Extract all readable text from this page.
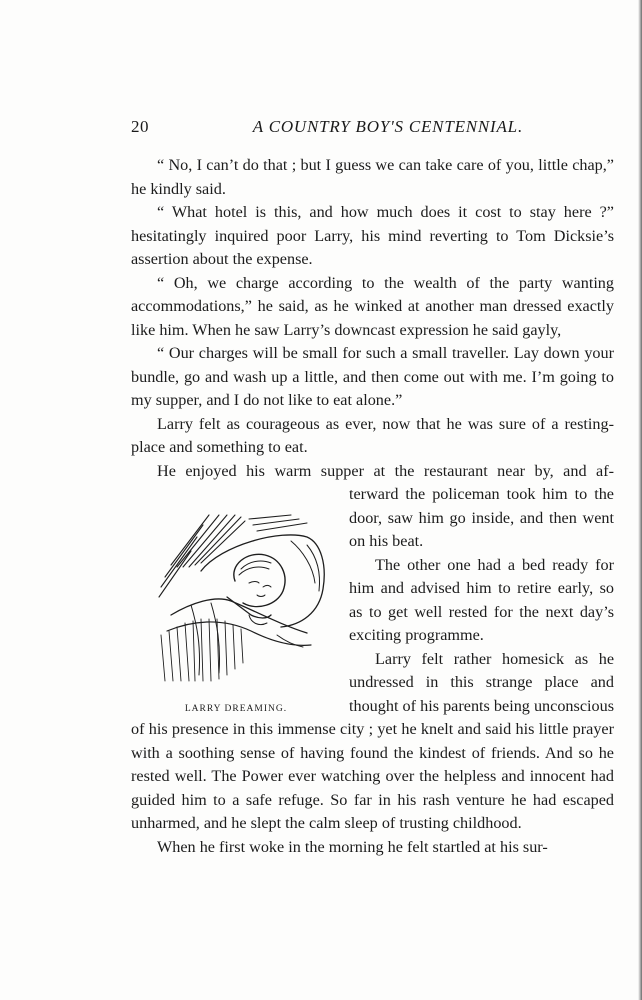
20	A COUNTRY BOY'S CENTENNIAL.

“ No, I can’t do that ; but I guess we can take care of you, little chap,” he kindly said.

“ What hotel is this, and how much does it cost to stay here ?” hesitatingly inquired poor Larry, his mind reverting to Tom Dicksie’s assertion about the expense.

“ Oh, we charge according to the wealth of the party wanting accommodations,” he said, as he winked at another man dressed exactly like him. When he saw Larry’s downcast expression he said gayly,

“ Our charges will be small for such a small traveller. Lay down your bundle, go and wash up a little, and then come out with me. I’m going to my supper, and I do not like to eat alone.”

Larry felt as courageous as ever, now that he was sure of a resting-place and something to eat.

He enjoyed his warm supper at the restaurant near by, and af-

LARRY DREAMING.

terward the policeman took him to the door, saw him go inside, and then went on his beat.

The other one had a bed ready for him and advised him to retire early, so as to get well rested for the next day’s exciting programme.

Larry felt rather homesick as he undressed in this strange place and thought of his parents being unconscious of his presence in this immense city ; yet he knelt and said his little prayer with a soothing sense of having found the kindest of friends. And so he rested well. The Power ever watching over the helpless and innocent had guided him to a safe refuge. So far in his rash venture he had escaped unharmed, and he slept the calm sleep of trusting childhood.

When he first woke in the morning he felt startled at his sur-
